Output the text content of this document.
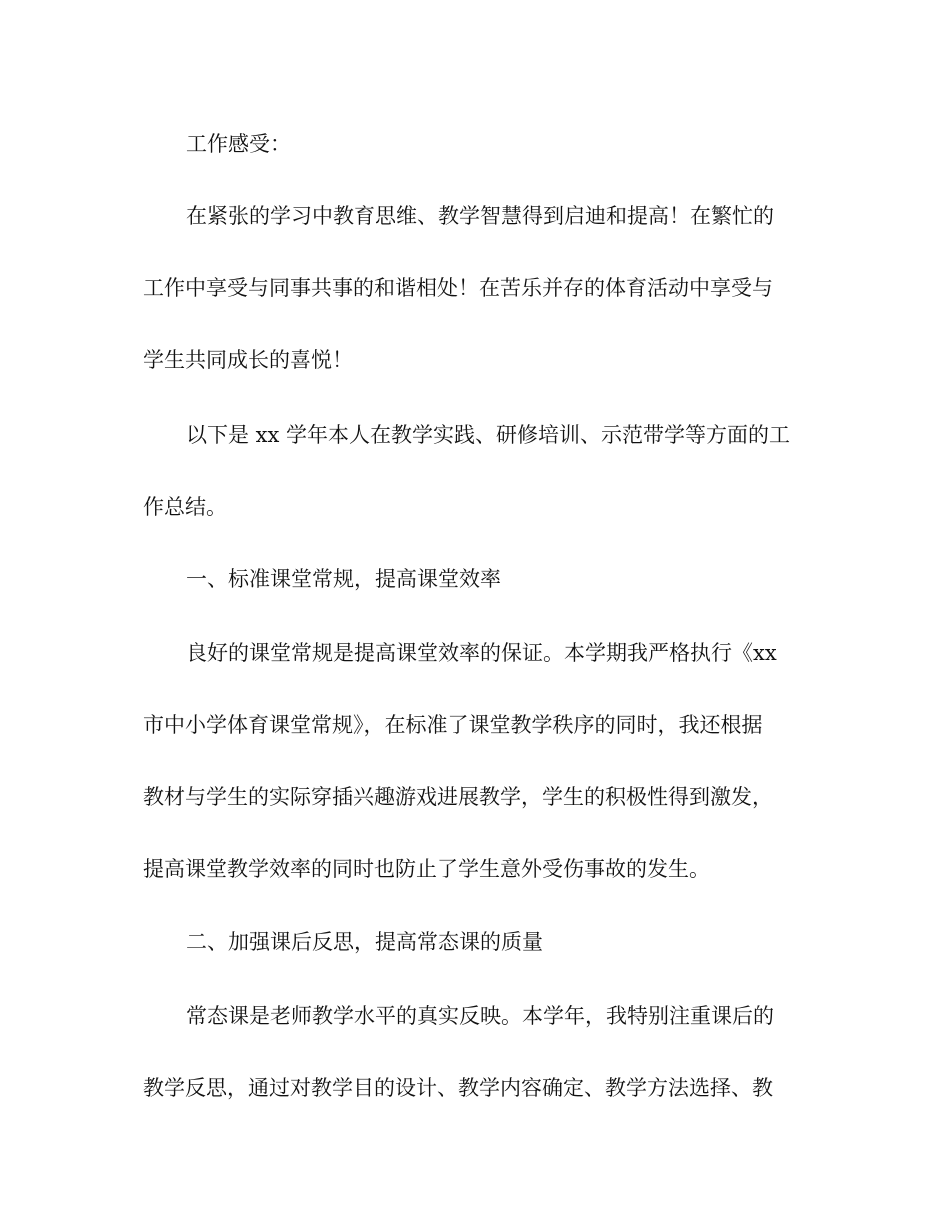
工作感受：
在紧张的学习中教育思维、教学智慧得到启迪和提高！在繁忙的
工作中享受与同事共事的和谐相处！在苦乐并存的体育活动中享受与
学生共同成长的喜悦！
以下是 xx 学年本人在教学实践、研修培训、示范带学等方面的工
作总结。
一、标准课堂常规，提高课堂效率
良好的课堂常规是提高课堂效率的保证。本学期我严格执行《xx
市中小学体育课堂常规》，在标准了课堂教学秩序的同时，我还根据
教材与学生的实际穿插兴趣游戏进展教学，学生的积极性得到激发，
提高课堂教学效率的同时也防止了学生意外受伤事故的发生。
二、加强课后反思，提高常态课的质量
常态课是老师教学水平的真实反映。本学年，我特别注重课后的
教学反思，通过对教学目的设计、教学内容确定、教学方法选择、教
